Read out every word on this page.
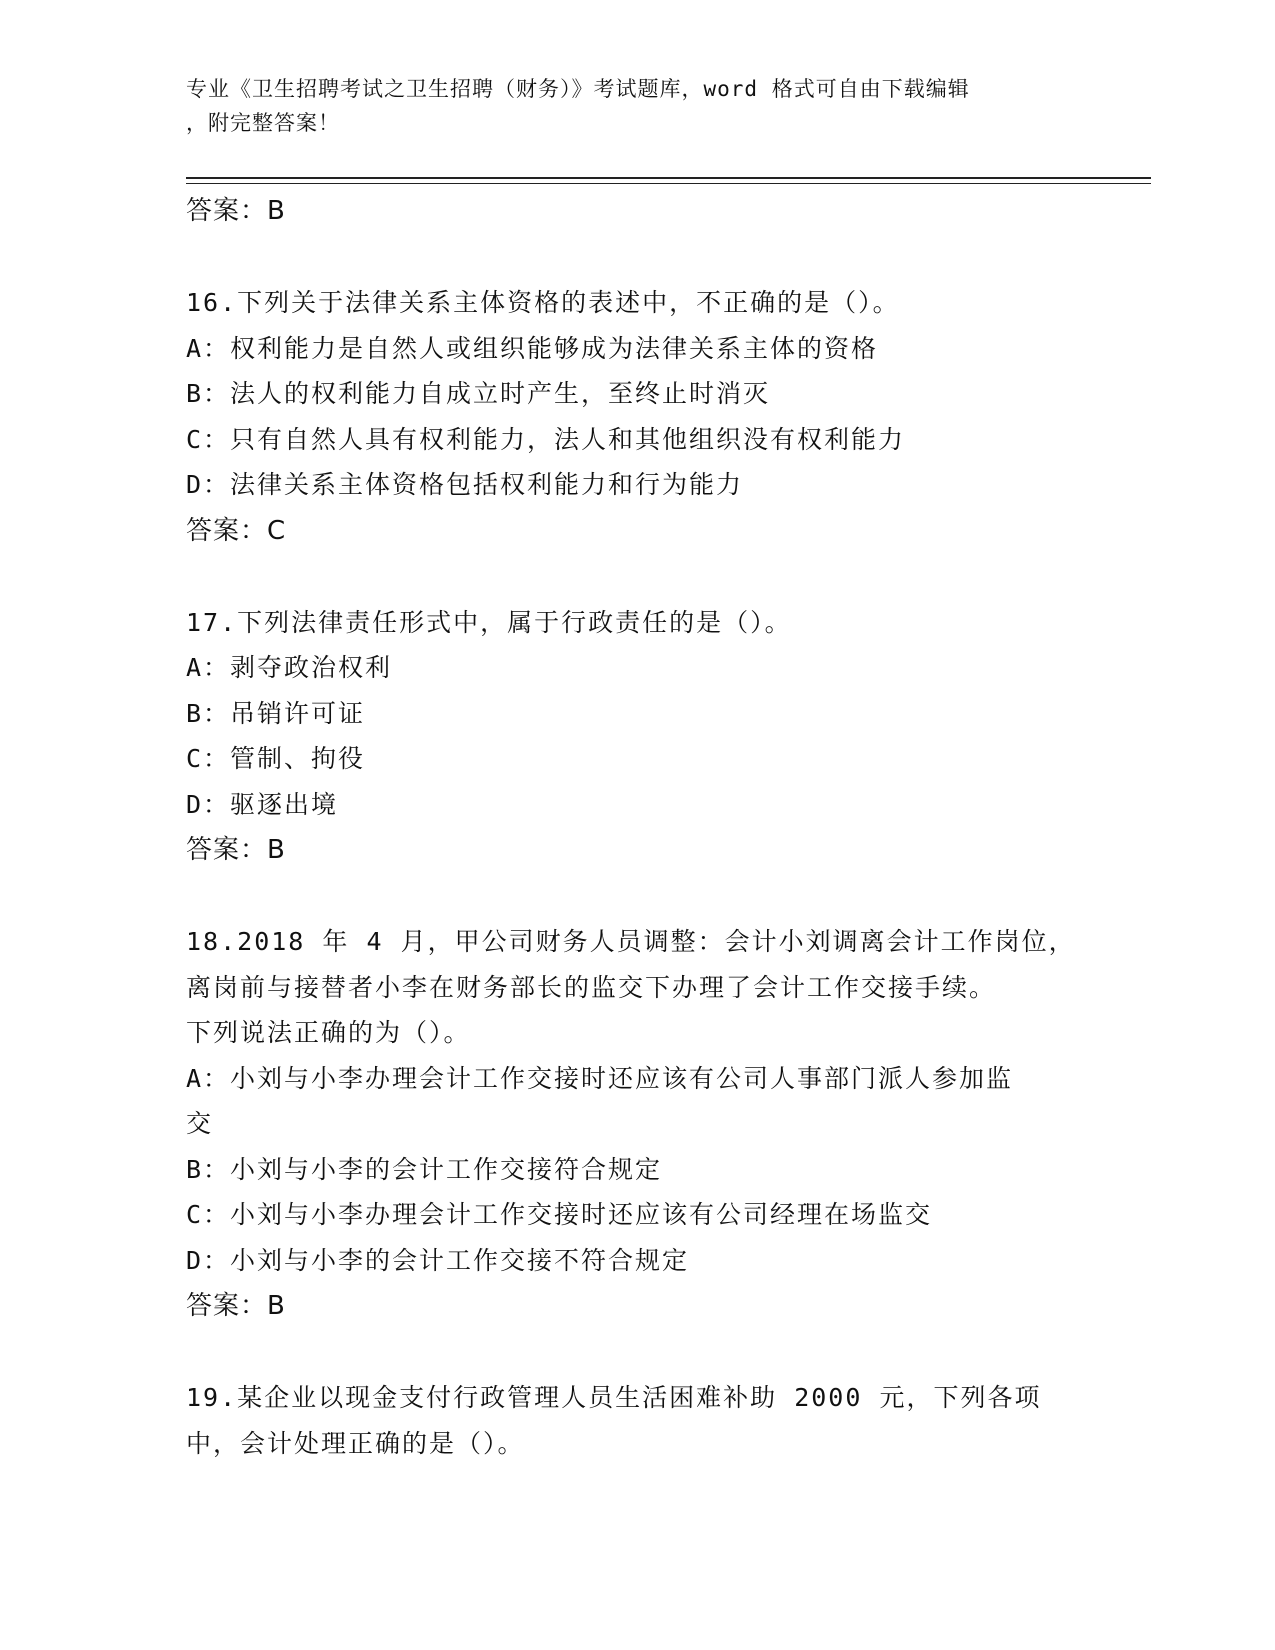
专业《卫生招聘考试之卫生招聘（财务）》考试题库，word 格式可自由下载编辑
，附完整答案！
答案：B
16.下列关于法律关系主体资格的表述中，不正确的是（）。
A：权利能力是自然人或组织能够成为法律关系主体的资格
B：法人的权利能力自成立时产生，至终止时消灭
C：只有自然人具有权利能力，法人和其他组织没有权利能力
D：法律关系主体资格包括权利能力和行为能力
答案：C
17.下列法律责任形式中，属于行政责任的是（）。
A：剥夺政治权利
B：吊销许可证
C：管制、拘役
D：驱逐出境
答案：B
18.2018 年 4 月，甲公司财务人员调整：会计小刘调离会计工作岗位，
离岗前与接替者小李在财务部长的监交下办理了会计工作交接手续。
下列说法正确的为（）。
A：小刘与小李办理会计工作交接时还应该有公司人事部门派人参加监
交
B：小刘与小李的会计工作交接符合规定
C：小刘与小李办理会计工作交接时还应该有公司经理在场监交
D：小刘与小李的会计工作交接不符合规定
答案：B
19.某企业以现金支付行政管理人员生活困难补助 2000 元，下列各项
中，会计处理正确的是（）。
